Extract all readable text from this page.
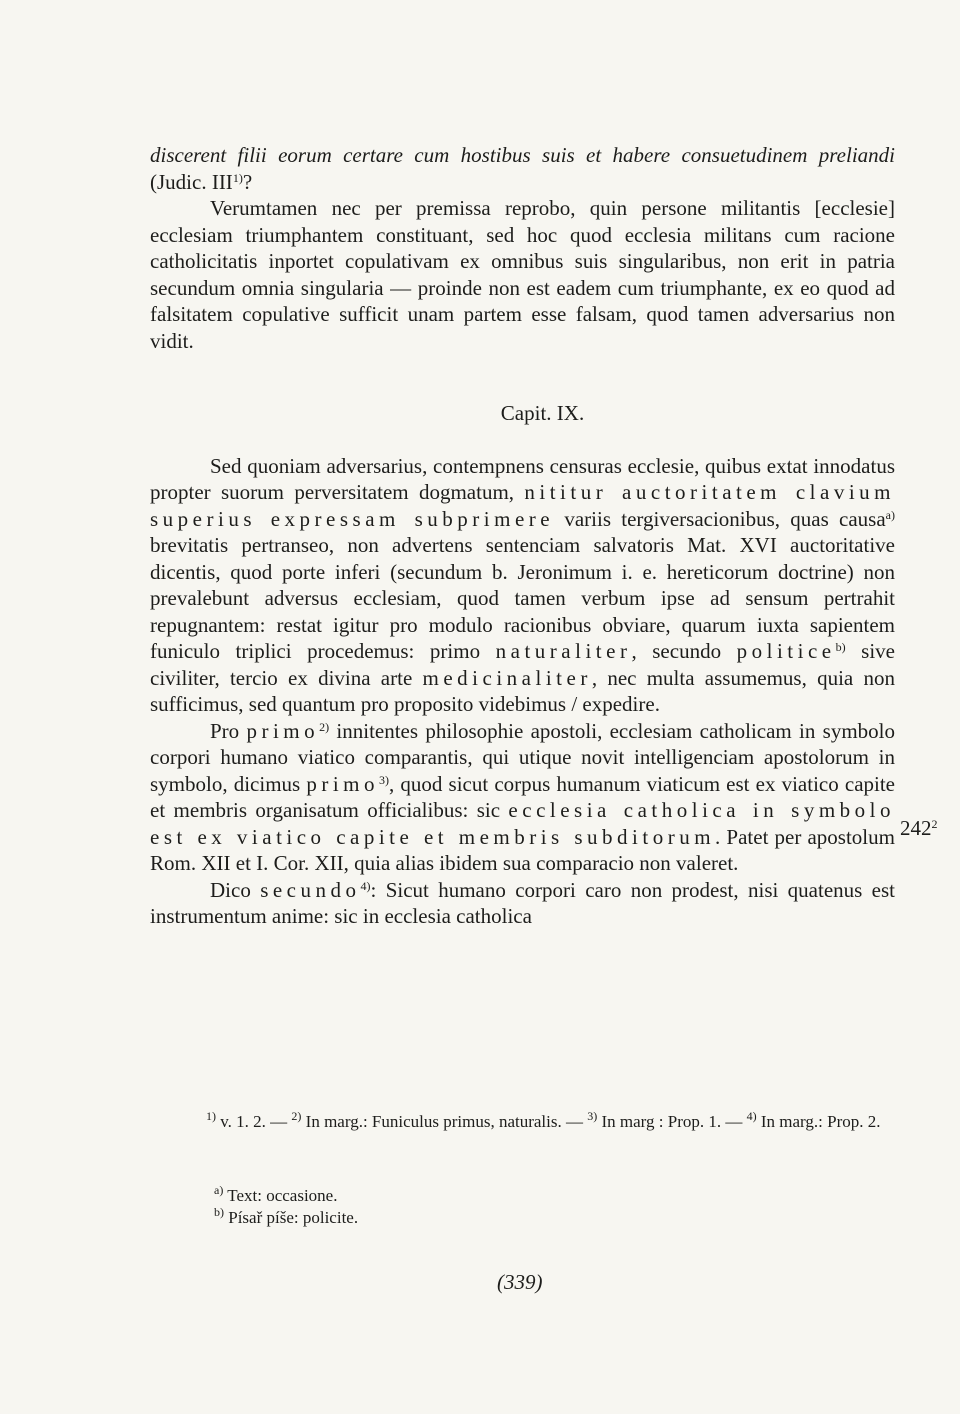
discerent filii eorum certare cum hostibus suis et habere consuetudinem preliandi (Judic. III$^{1)}$?

Verumtamen nec per premissa reprobo, quin persone militantis [ecclesie] ecclesiam triumphantem constituant, sed hoc quod ecclesia militans cum racione catholicitatis inportet copulativam ex omnibus suis singularibus, non erit in patria secundum omnia singularia — proinde non est eadem cum triumphante, ex eo quod ad falsitatem copulative sufficit unam partem esse falsam, quod tamen adversarius non vidit.

Capit. IX.

Sed quoniam adversarius, contempnens censuras ecclesie, quibus extat innodatus propter suorum perversitatem dogmatum, nititur auctoritatem clavium superius expressam subprimere variis tergiversacionibus, quas causa$^{a)}$ brevitatis pertranseo, non advertens sentenciam salvatoris Mat. XVI auctoritative dicentis, quod porte inferi (secundum b. Jeronimum i. e. hereticorum doctrine) non prevalebunt adversus ecclesiam, quod tamen verbum ipse ad sensum pertrahit repugnantem: restat igitur pro modulo racionibus obviare, quarum iuxta sapientem funiculo triplici procedemus: primo naturaliter, secundo politice$^{b)}$ sive civiliter, tercio ex divina arte medicinaliter, nec multa assumemus, quia non sufficimus, sed quantum pro proposito videbimus / expedire.

Pro primo$^{2)}$ innitentes philosophie apostoli, ecclesiam catholicam in symbolo corpori humano viatico comparantis, qui utique novit intelligenciam apostolorum in symbolo, dicimus primo$^{3)}$, quod sicut corpus humanum viaticum est ex viatico capite et membris organisatum officialibus: sic ecclesia catholica in symbolo est ex viatico capite et membris subditorum. Patet per apostolum Rom. XII et I. Cor. XII, quia alias ibidem sua comparacio non valeret.

Dico secundo$^{4)}$: Sicut humano corpori caro non prodest, nisi quatenus est instrumentum anime: sic in ecclesia catholica

$242^2$

$^{1)}$ v. 1. 2. — $^{2)}$ In marg.: Funiculus primus, naturalis. — $^{3)}$ In marg : Prop. 1. — $^{4)}$ In marg.: Prop. 2.

$^{a)}$ Text: occasione.

$^{b)}$ Písař píše: policite.

(339)
